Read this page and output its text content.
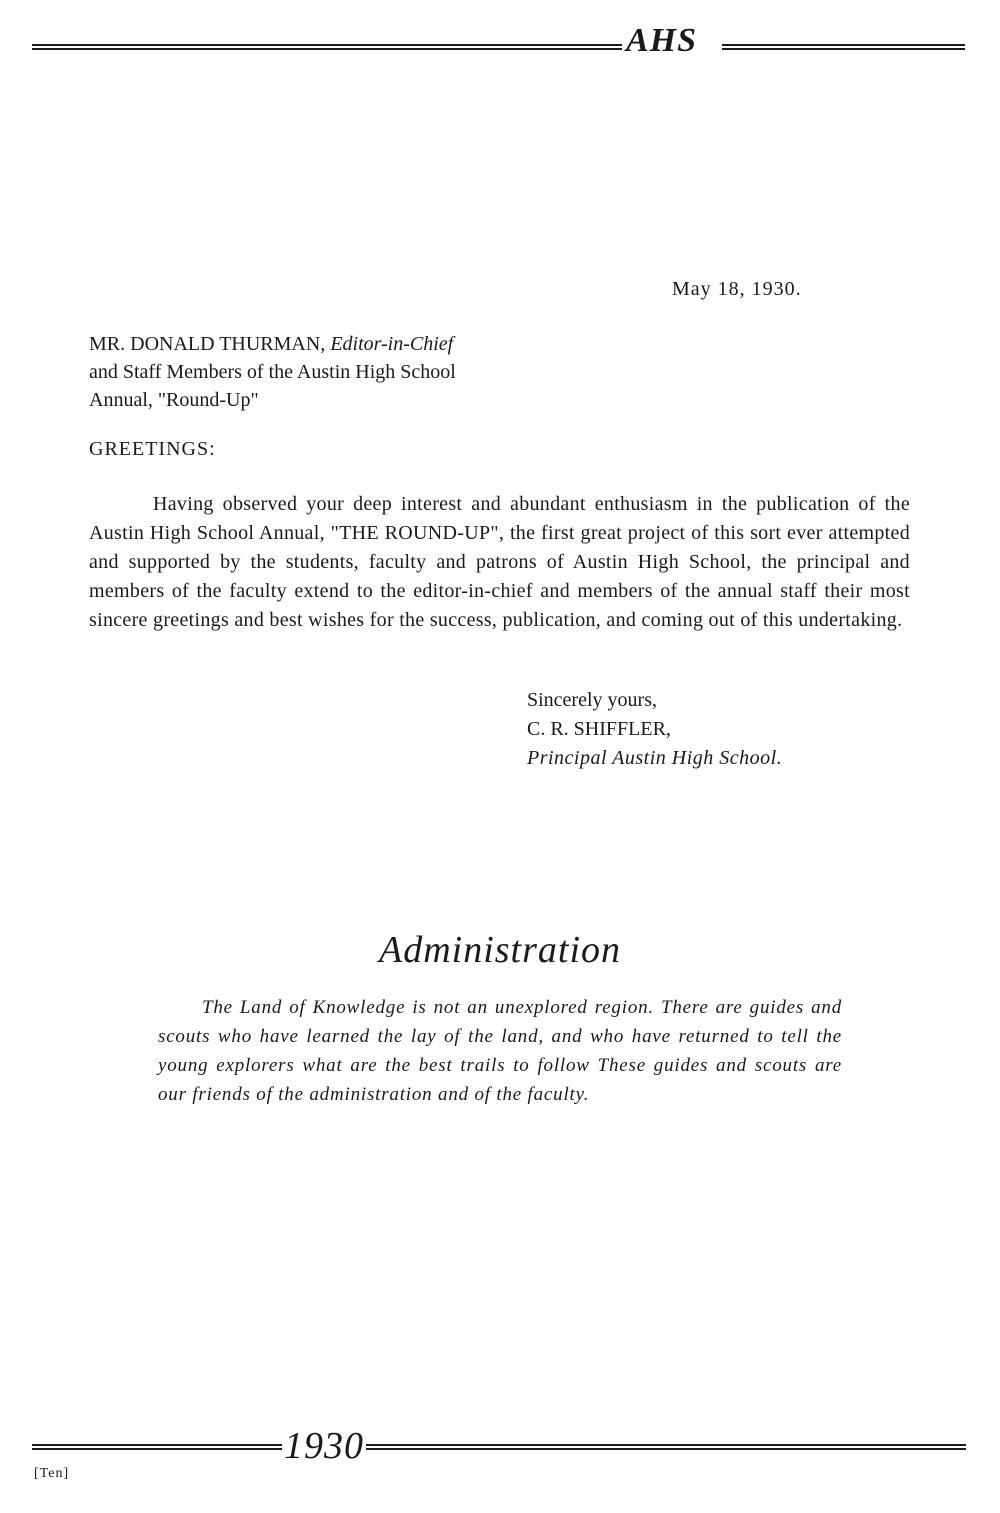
AHS
May 18, 1930.
MR. DONALD THURMAN, Editor-in-Chief
and Staff Members of the Austin High School
Annual, "Round-Up"
GREETINGS:
Having observed your deep interest and abundant enthusiasm in the publication of the Austin High School Annual, "THE ROUND-UP", the first great project of this sort ever attempted and supported by the students, faculty and patrons of Austin High School, the principal and members of the faculty extend to the editor-in-chief and members of the annual staff their most sincere greetings and best wishes for the success, publication, and coming out of this undertaking.
Sincerely yours,
C. R. SHIFFLER,
Principal Austin High School.
Administration
The Land of Knowledge is not an unexplored region. There are guides and scouts who have learned the lay of the land, and who have returned to tell the young explorers what are the best trails to follow These guides and scouts are our friends of the administration and of the faculty.
1930
[Ten]
